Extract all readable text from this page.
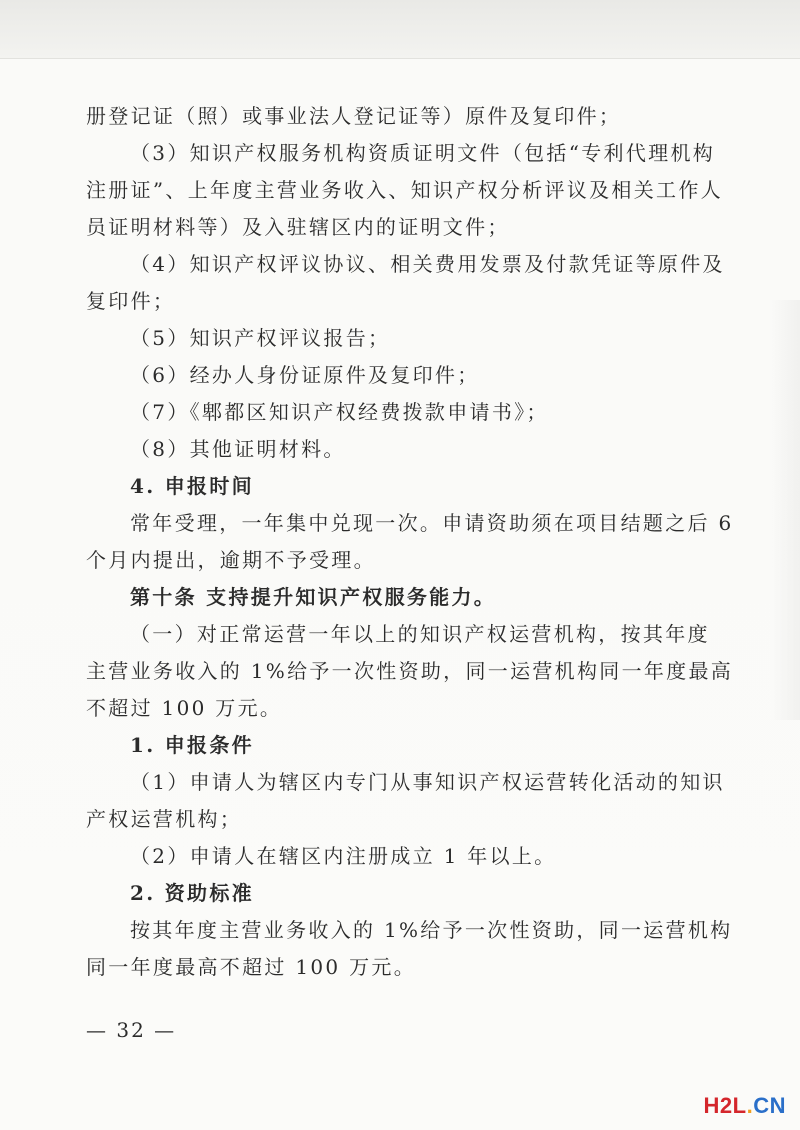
册登记证（照）或事业法人登记证等）原件及复印件；
（3）知识产权服务机构资质证明文件（包括“专利代理机构
注册证”、上年度主营业务收入、知识产权分析评议及相关工作人
员证明材料等）及入驻辖区内的证明文件；
（4）知识产权评议协议、相关费用发票及付款凭证等原件及
复印件；
（5）知识产权评议报告；
（6）经办人身份证原件及复印件；
（7）《郫都区知识产权经费拨款申请书》；
（8）其他证明材料。
4. 申报时间
常年受理，一年集中兑现一次。申请资助须在项目结题之后 6
个月内提出，逾期不予受理。
第十条 支持提升知识产权服务能力。
（一）对正常运营一年以上的知识产权运营机构，按其年度
主营业务收入的 1%给予一次性资助，同一运营机构同一年度最高
不超过 100 万元。
1. 申报条件
（1）申请人为辖区内专门从事知识产权运营转化活动的知识
产权运营机构；
（2）申请人在辖区内注册成立 1 年以上。
2. 资助标准
按其年度主营业务收入的 1%给予一次性资助，同一运营机构
同一年度最高不超过 100 万元。
— 32 —
H2L.CN
